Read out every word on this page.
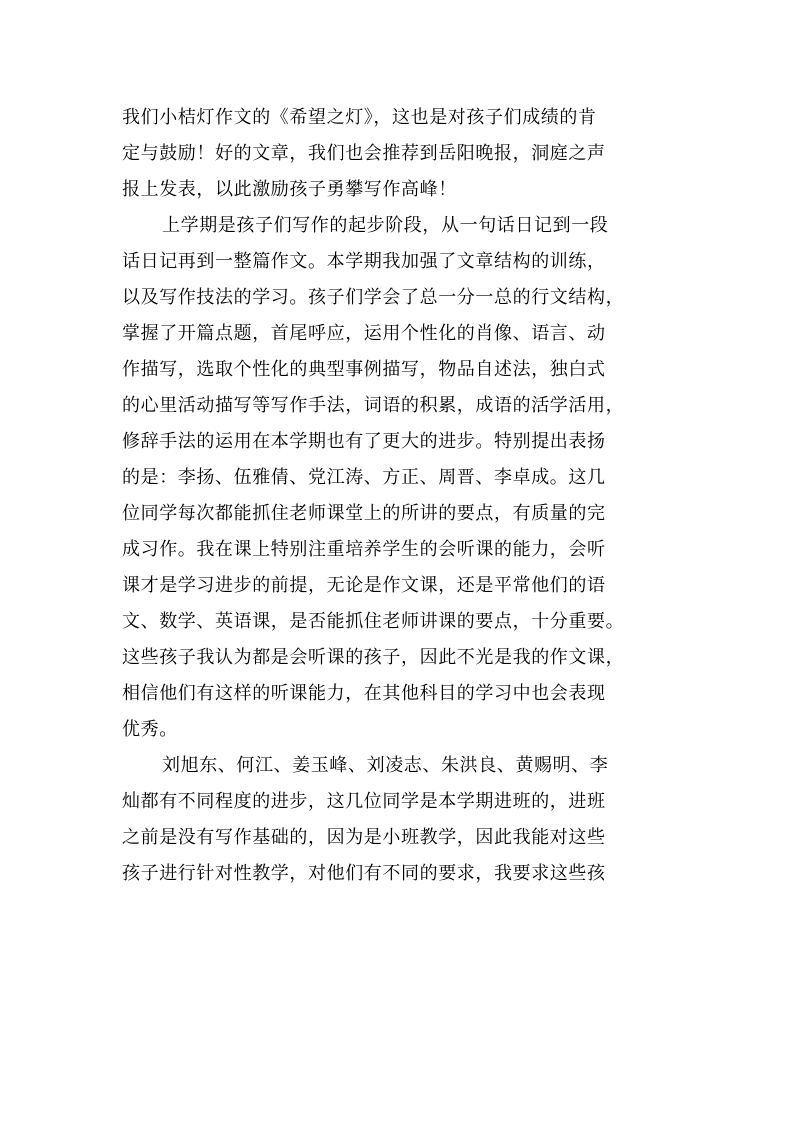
我们小桔灯作文的《希望之灯》，这也是对孩子们成绩的肯
定与鼓励！好的文章，我们也会推荐到岳阳晚报，洞庭之声
报上发表，以此激励孩子勇攀写作高峰！
上学期是孩子们写作的起步阶段，从一句话日记到一段
话日记再到一整篇作文。本学期我加强了文章结构的训练，
以及写作技法的学习。孩子们学会了总一分一总的行文结构，
掌握了开篇点题，首尾呼应，运用个性化的肖像、语言、动
作描写，选取个性化的典型事例描写，物品自述法，独白式
的心里活动描写等写作手法，词语的积累，成语的活学活用，
修辞手法的运用在本学期也有了更大的进步。特别提出表扬
的是：李扬、伍雅倩、党江涛、方正、周晋、李卓成。这几
位同学每次都能抓住老师课堂上的所讲的要点，有质量的完
成习作。我在课上特别注重培养学生的会听课的能力，会听
课才是学习进步的前提，无论是作文课，还是平常他们的语
文、数学、英语课，是否能抓住老师讲课的要点，十分重要。
这些孩子我认为都是会听课的孩子，因此不光是我的作文课，
相信他们有这样的听课能力，在其他科目的学习中也会表现
优秀。
刘旭东、何江、姜玉峰、刘凌志、朱洪良、黄赐明、李
灿都有不同程度的进步，这几位同学是本学期进班的，进班
之前是没有写作基础的，因为是小班教学，因此我能对这些
孩子进行针对性教学，对他们有不同的要求，我要求这些孩
